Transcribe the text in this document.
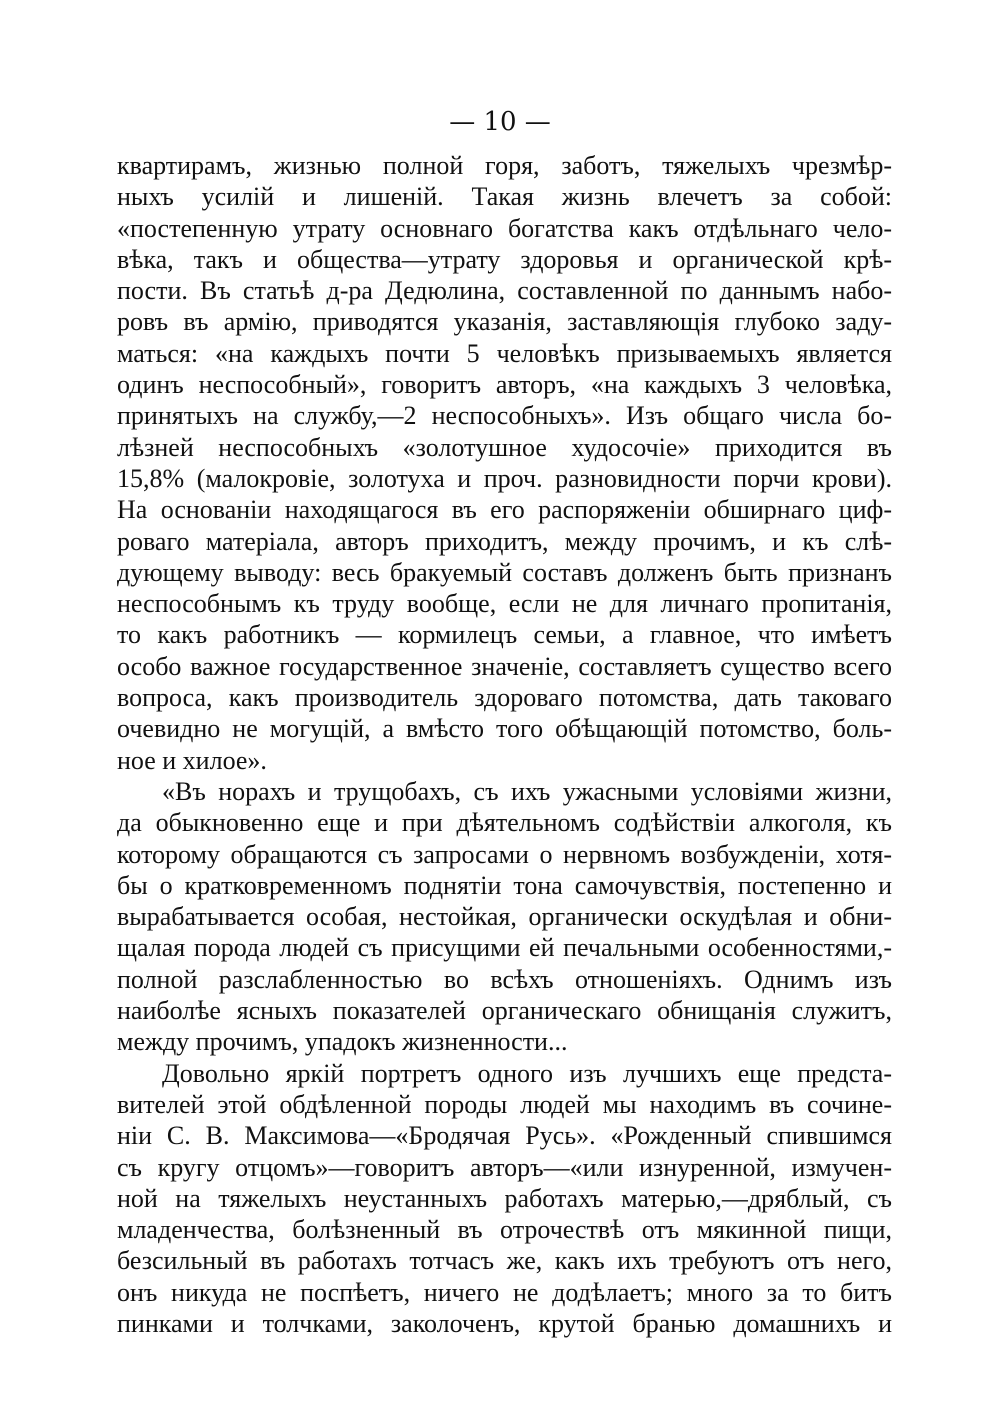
— 10 —
квартирамъ, жизнью полной горя, заботъ, тяжелыхъ чрезмѣр-
ныхъ усилій и лишеній. Такая жизнь влечетъ за собой:
«постепенную утрату основнаго богатства какъ отдѣльнаго чело-
вѣка, такъ и общества—утрату здоровья и органической крѣ-
пости. Въ статьѣ д-ра Дедюлина, составленной по даннымъ набо-
ровъ въ армію, приводятся указанія, заставляющія глубоко заду-
маться: «на каждыхъ почти 5 человѣкъ призываемыхъ является
одинъ неспособный», говоритъ авторъ, «на каждыхъ 3 человѣка,
принятыхъ на службу,—2 неспособныхъ». Изъ общаго числа бо-
лѣзней неспособныхъ «золотушное худосочіе» приходится въ
15,8% (малокровіе, золотуха и проч. разновидности порчи крови).
На основаніи находящагося въ его распоряженіи обширнаго циф-
роваго матеріала, авторъ приходитъ, между прочимъ, и къ слѣ-
дующему выводу: весь бракуемый составъ долженъ быть признанъ
неспособнымъ къ труду вообще, если не для личнаго пропитанія,
то какъ работникъ — кормилецъ семьи, а главное, что имѣетъ
особо важное государственное значеніе, составляетъ существо всего
вопроса, какъ производитель здороваго потомства, дать таковаго
очевидно не могущій, а вмѣсто того обѣщающій потомство, боль-
ное и хилое».
«Въ норахъ и трущобахъ, съ ихъ ужасными условіями жизни,
да обыкновенно еще и при дѣятельномъ содѣйствіи алкоголя, къ
которому обращаются съ запросами о нервномъ возбужденіи, хотя-
бы о кратковременномъ поднятіи тона самочувствія, постепенно и
вырабатывается особая, нестойкая, органически оскудѣлая и обни-
щалая порода людей съ присущими ей печальными особенностями,-
полной разслабленностью во всѣхъ отношеніяхъ. Однимъ изъ
наиболѣе ясныхъ показателей органическаго обнищанія служитъ,
между прочимъ, упадокъ жизненности...
Довольно яркій портретъ одного изъ лучшихъ еще предста-
вителей этой обдѣленной породы людей мы находимъ въ сочине-
ніи С. В. Максимова—«Бродячая Русь». «Рожденный спившимся
съ кругу отцомъ»—говоритъ авторъ—«или изнуренной, измучен-
ной на тяжелыхъ неустанныхъ работахъ матерью,—дряблый, съ
младенчества, болѣзненный въ отрочествѣ отъ мякинной пищи,
безсильный въ работахъ тотчасъ же, какъ ихъ требуютъ отъ него,
онъ никуда не поспѣетъ, ничего не додѣлаетъ; много за то битъ
пинками и толчками, заколоченъ, крутой бранью домашнихъ и
